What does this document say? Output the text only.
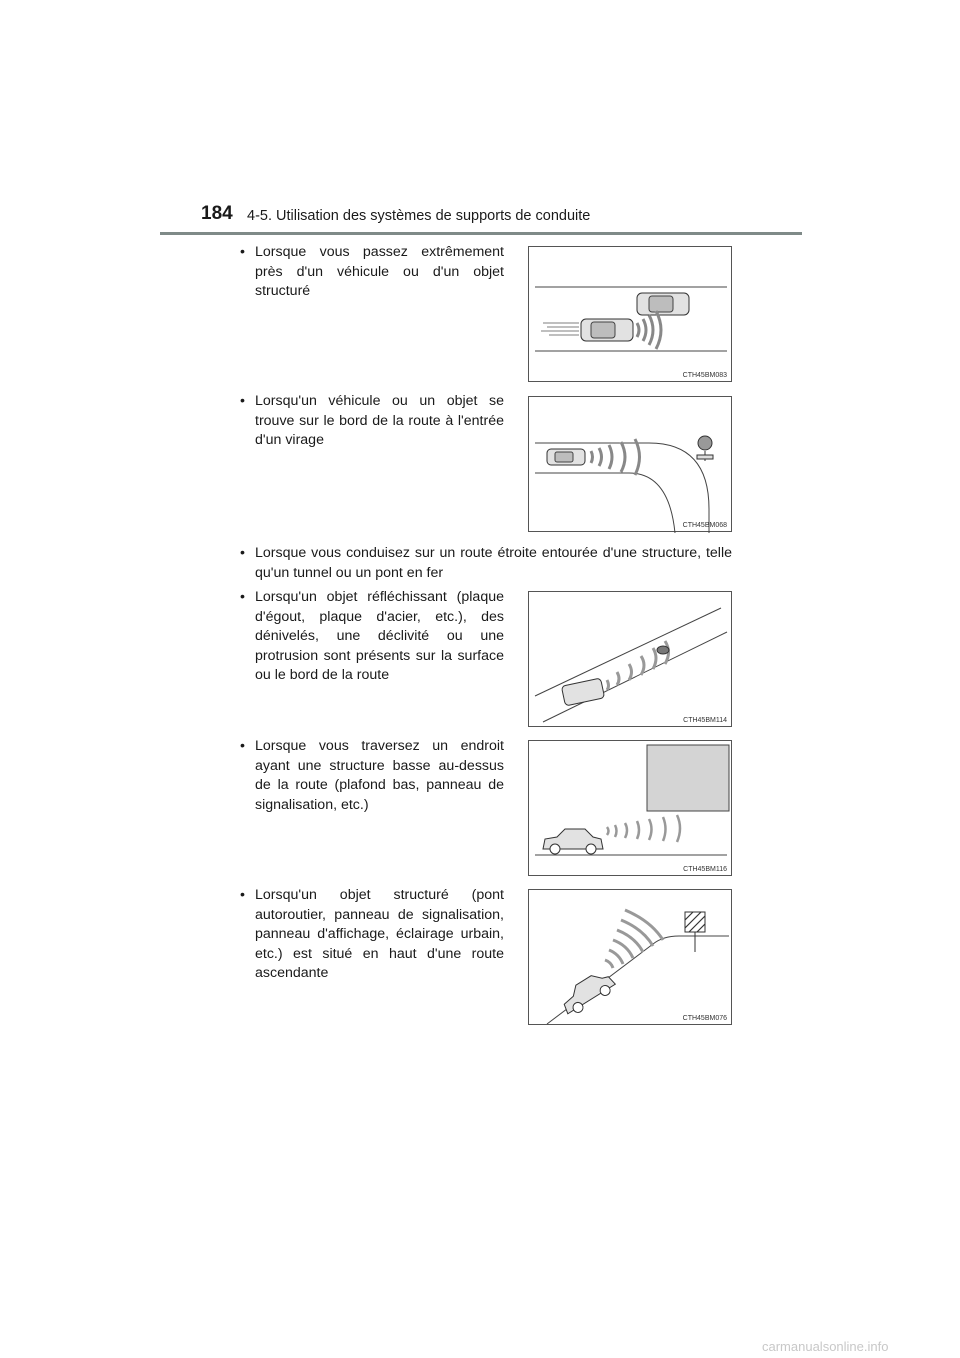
184 4-5. Utilisation des systèmes de supports de conduite
• Lorsque vous passez extrêmement près d'un véhicule ou d'un objet structuré
CTH45BM083
• Lorsqu'un véhicule ou un objet se trouve sur le bord de la route à l'entrée d'un virage
CTH45BM068
• Lorsque vous conduisez sur un route étroite entourée d'une structure, telle qu'un tunnel ou un pont en fer
• Lorsqu'un objet réfléchissant (plaque d'égout, plaque d'acier, etc.), des dénivelés, une déclivité ou une protrusion sont présents sur la surface ou le bord de la route
CTH45BM114
• Lorsque vous traversez un endroit ayant une structure basse au-dessus de la route (plafond bas, panneau de signalisation, etc.)
CTH45BM116
• Lorsqu'un objet structuré (pont autoroutier, panneau de signalisation, panneau d'affichage, éclairage urbain, etc.) est situé en haut d'une route ascendante
CTH45BM076
carmanualsonline.info
